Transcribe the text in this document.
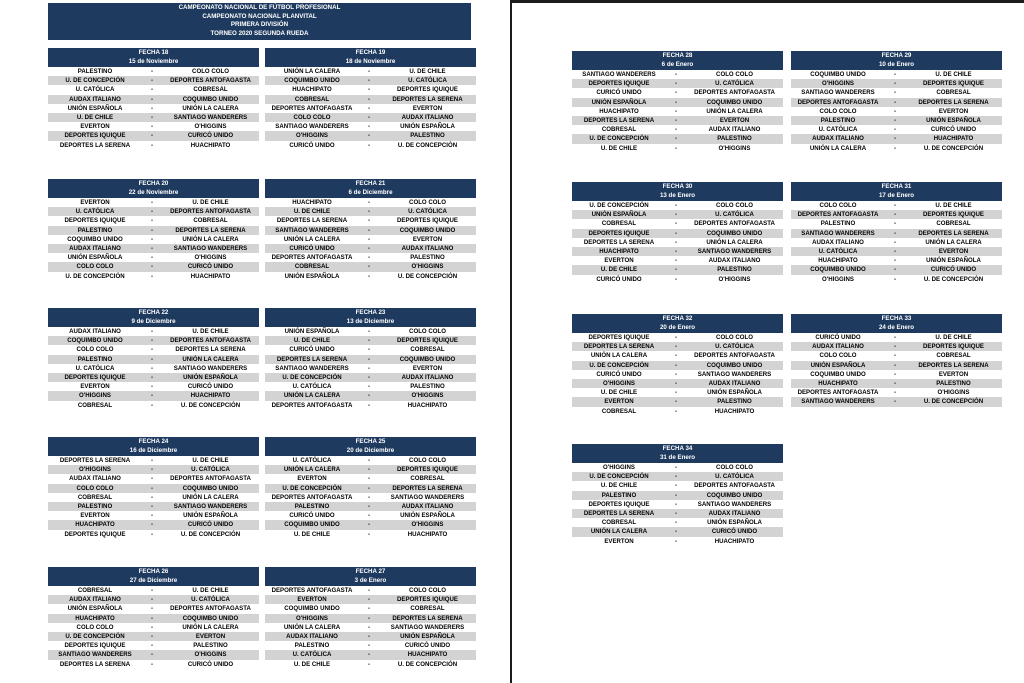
CAMPEONATO NACIONAL DE FÚTBOL PROFESIONAL
CAMPEONATO NACIONAL PLANVITAL
PRIMERA DIVISIÓN
TORNEO 2020 SEGUNDA RUEDA
FECHA 18
15 de Noviembre
PALESTINO	-	COLO COLO
U. DE CONCEPCIÓN	-	DEPORTES ANTOFAGASTA
U. CATÓLICA	-	COBRESAL
AUDAX ITALIANO	-	COQUIMBO UNIDO
UNIÓN ESPAÑOLA	-	UNIÓN LA CALERA
U. DE CHILE	-	SANTIAGO WANDERERS
EVERTON	-	O'HIGGINS
DEPORTES IQUIQUE	-	CURICÓ UNIDO
DEPORTES LA SERENA	-	HUACHIPATO
FECHA 19
18 de Noviembre
UNIÓN LA CALERA	-	U. DE CHILE
COQUIMBO UNIDO	-	U. CATÓLICA
HUACHIPATO	-	DEPORTES IQUIQUE
COBRESAL	-	DEPORTES LA SERENA
DEPORTES ANTOFAGASTA	-	EVERTON
COLO COLO	-	AUDAX ITALIANO
SANTIAGO WANDERERS	-	UNIÓN ESPAÑOLA
O'HIGGINS	-	PALESTINO
CURICÓ UNIDO	-	U. DE CONCEPCIÓN
FECHA 20
22 de Noviembre
EVERTON	-	U. DE CHILE
U. CATÓLICA	-	DEPORTES ANTOFAGASTA
DEPORTES IQUIQUE	-	COBRESAL
PALESTINO	-	DEPORTES LA SERENA
COQUIMBO UNIDO	-	UNIÓN LA CALERA
AUDAX ITALIANO	-	SANTIAGO WANDERERS
UNIÓN ESPAÑOLA	-	O'HIGGINS
COLO COLO	-	CURICÓ UNIDO
U. DE CONCEPCIÓN	-	HUACHIPATO
FECHA 21
6 de Diciembre
HUACHIPATO	-	COLO COLO
U. DE CHILE	-	U. CATÓLICA
DEPORTES LA SERENA	-	DEPORTES IQUIQUE
SANTIAGO WANDERERS	-	COQUIMBO UNIDO
UNIÓN LA CALERA	-	EVERTON
CURICÓ UNIDO	-	AUDAX ITALIANO
DEPORTES ANTOFAGASTA	-	PALESTINO
COBRESAL	-	O'HIGGINS
UNIÓN ESPAÑOLA	-	U. DE CONCEPCIÓN
FECHA 22
9 de Diciembre
AUDAX ITALIANO	-	U. DE CHILE
COQUIMBO UNIDO	-	DEPORTES ANTOFAGASTA
COLO COLO	-	DEPORTES LA SERENA
PALESTINO	-	UNIÓN LA CALERA
U. CATÓLICA	-	SANTIAGO WANDERERS
DEPORTES IQUIQUE	-	UNIÓN ESPAÑOLA
EVERTON	-	CURICÓ UNIDO
O'HIGGINS	-	HUACHIPATO
COBRESAL	-	U. DE CONCEPCIÓN
FECHA 23
13 de Diciembre
UNIÓN ESPAÑOLA	-	COLO COLO
U. DE CHILE	-	DEPORTES IQUIQUE
CURICÓ UNIDO	-	COBRESAL
DEPORTES LA SERENA	-	COQUIMBO UNIDO
SANTIAGO WANDERERS	-	EVERTON
U. DE CONCEPCIÓN	-	AUDAX ITALIANO
U. CATÓLICA	-	PALESTINO
UNIÓN LA CALERA	-	O'HIGGINS
DEPORTES ANTOFAGASTA	-	HUACHIPATO
FECHA 24
16 de Diciembre
DEPORTES LA SERENA	-	U. DE CHILE
O'HIGGINS	-	U. CATÓLICA
AUDAX ITALIANO	-	DEPORTES ANTOFAGASTA
COLO COLO	-	COQUIMBO UNIDO
COBRESAL	-	UNIÓN LA CALERA
PALESTINO	-	SANTIAGO WANDERERS
EVERTON	-	UNIÓN ESPAÑOLA
HUACHIPATO	-	CURICÓ UNIDO
DEPORTES IQUIQUE	-	U. DE CONCEPCIÓN
FECHA 25
20 de Diciembre
U. CATÓLICA	-	COLO COLO
UNIÓN LA CALERA	-	DEPORTES IQUIQUE
EVERTON	-	COBRESAL
U. DE CONCEPCIÓN	-	DEPORTES LA SERENA
DEPORTES ANTOFAGASTA	-	SANTIAGO WANDERERS
PALESTINO	-	AUDAX ITALIANO
CURICÓ UNIDO	-	UNIÓN ESPAÑOLA
COQUIMBO UNIDO	-	O'HIGGINS
U. DE CHILE	-	HUACHIPATO
FECHA 26
27 de Diciembre
COBRESAL	-	U. DE CHILE
AUDAX ITALIANO	-	U. CATÓLICA
UNIÓN ESPAÑOLA	-	DEPORTES ANTOFAGASTA
HUACHIPATO	-	COQUIMBO UNIDO
COLO COLO	-	UNIÓN LA CALERA
U. DE CONCEPCIÓN	-	EVERTON
DEPORTES IQUIQUE	-	PALESTINO
SANTIAGO WANDERERS	-	O'HIGGINS
DEPORTES LA SERENA	-	CURICÓ UNIDO
FECHA 27
3 de Enero
DEPORTES ANTOFAGASTA	-	COLO COLO
EVERTON	-	DEPORTES IQUIQUE
COQUIMBO UNIDO	-	COBRESAL
O'HIGGINS	-	DEPORTES LA SERENA
UNIÓN LA CALERA	-	SANTIAGO WANDERERS
AUDAX ITALIANO	-	UNIÓN ESPAÑOLA
PALESTINO	-	CURICÓ UNIDO
U. CATÓLICA	-	HUACHIPATO
U. DE CHILE	-	U. DE CONCEPCIÓN
FECHA 28
6 de Enero
SANTIAGO WANDERERS	-	COLO COLO
DEPORTES IQUIQUE	-	U. CATÓLICA
CURICÓ UNIDO	-	DEPORTES ANTOFAGASTA
UNIÓN ESPAÑOLA	-	COQUIMBO UNIDO
HUACHIPATO	-	UNIÓN LA CALERA
DEPORTES LA SERENA	-	EVERTON
COBRESAL	-	AUDAX ITALIANO
U. DE CONCEPCIÓN	-	PALESTINO
U. DE CHILE	-	O'HIGGINS
FECHA 29
10 de Enero
COQUIMBO UNIDO	-	U. DE CHILE
O'HIGGINS	-	DEPORTES IQUIQUE
SANTIAGO WANDERERS	-	COBRESAL
DEPORTES ANTOFAGASTA	-	DEPORTES LA SERENA
COLO COLO	-	EVERTON
PALESTINO	-	UNIÓN ESPAÑOLA
U. CATÓLICA	-	CURICÓ UNIDO
AUDAX ITALIANO	-	HUACHIPATO
UNIÓN LA CALERA	-	U. DE CONCEPCIÓN
FECHA 30
13 de Enero
U. DE CONCEPCIÓN	-	COLO COLO
UNIÓN ESPAÑOLA	-	U. CATÓLICA
COBRESAL	-	DEPORTES ANTOFAGASTA
DEPORTES IQUIQUE	-	COQUIMBO UNIDO
DEPORTES LA SERENA	-	UNIÓN LA CALERA
HUACHIPATO	-	SANTIAGO WANDERERS
EVERTON	-	AUDAX ITALIANO
U. DE CHILE	-	PALESTINO
CURICÓ UNIDO	-	O'HIGGINS
FECHA 31
17 de Enero
COLO COLO	-	U. DE CHILE
DEPORTES ANTOFAGASTA	-	DEPORTES IQUIQUE
PALESTINO	-	COBRESAL
SANTIAGO WANDERERS	-	DEPORTES LA SERENA
AUDAX ITALIANO	-	UNIÓN LA CALERA
U. CATÓLICA	-	EVERTON
HUACHIPATO	-	UNIÓN ESPAÑOLA
COQUIMBO UNIDO	-	CURICÓ UNIDO
O'HIGGINS	-	U. DE CONCEPCIÓN
FECHA 32
20 de Enero
DEPORTES IQUIQUE	-	COLO COLO
DEPORTES LA SERENA	-	U. CATÓLICA
UNIÓN LA CALERA	-	DEPORTES ANTOFAGASTA
U. DE CONCEPCIÓN	-	COQUIMBO UNIDO
CURICÓ UNIDO	-	SANTIAGO WANDERERS
O'HIGGINS	-	AUDAX ITALIANO
U. DE CHILE	-	UNIÓN ESPAÑOLA
EVERTON	-	PALESTINO
COBRESAL	-	HUACHIPATO
FECHA 33
24 de Enero
CURICÓ UNIDO	-	U. DE CHILE
AUDAX ITALIANO	-	DEPORTES IQUIQUE
COLO COLO	-	COBRESAL
UNIÓN ESPAÑOLA	-	DEPORTES LA SERENA
COQUIMBO UNIDO	-	EVERTON
HUACHIPATO	-	PALESTINO
DEPORTES ANTOFAGASTA	-	O'HIGGINS
SANTIAGO WANDERERS	-	U. DE CONCEPCIÓN
FECHA 34
31 de Enero
O'HIGGINS	-	COLO COLO
U. DE CONCEPCIÓN	-	U. CATÓLICA
U. DE CHILE	-	DEPORTES ANTOFAGASTA
PALESTINO	-	COQUIMBO UNIDO
DEPORTES IQUIQUE	-	SANTIAGO WANDERERS
DEPORTES LA SERENA	-	AUDAX ITALIANO
COBRESAL	-	UNIÓN ESPAÑOLA
UNIÓN LA CALERA	-	CURICÓ UNIDO
EVERTON	-	HUACHIPATO
